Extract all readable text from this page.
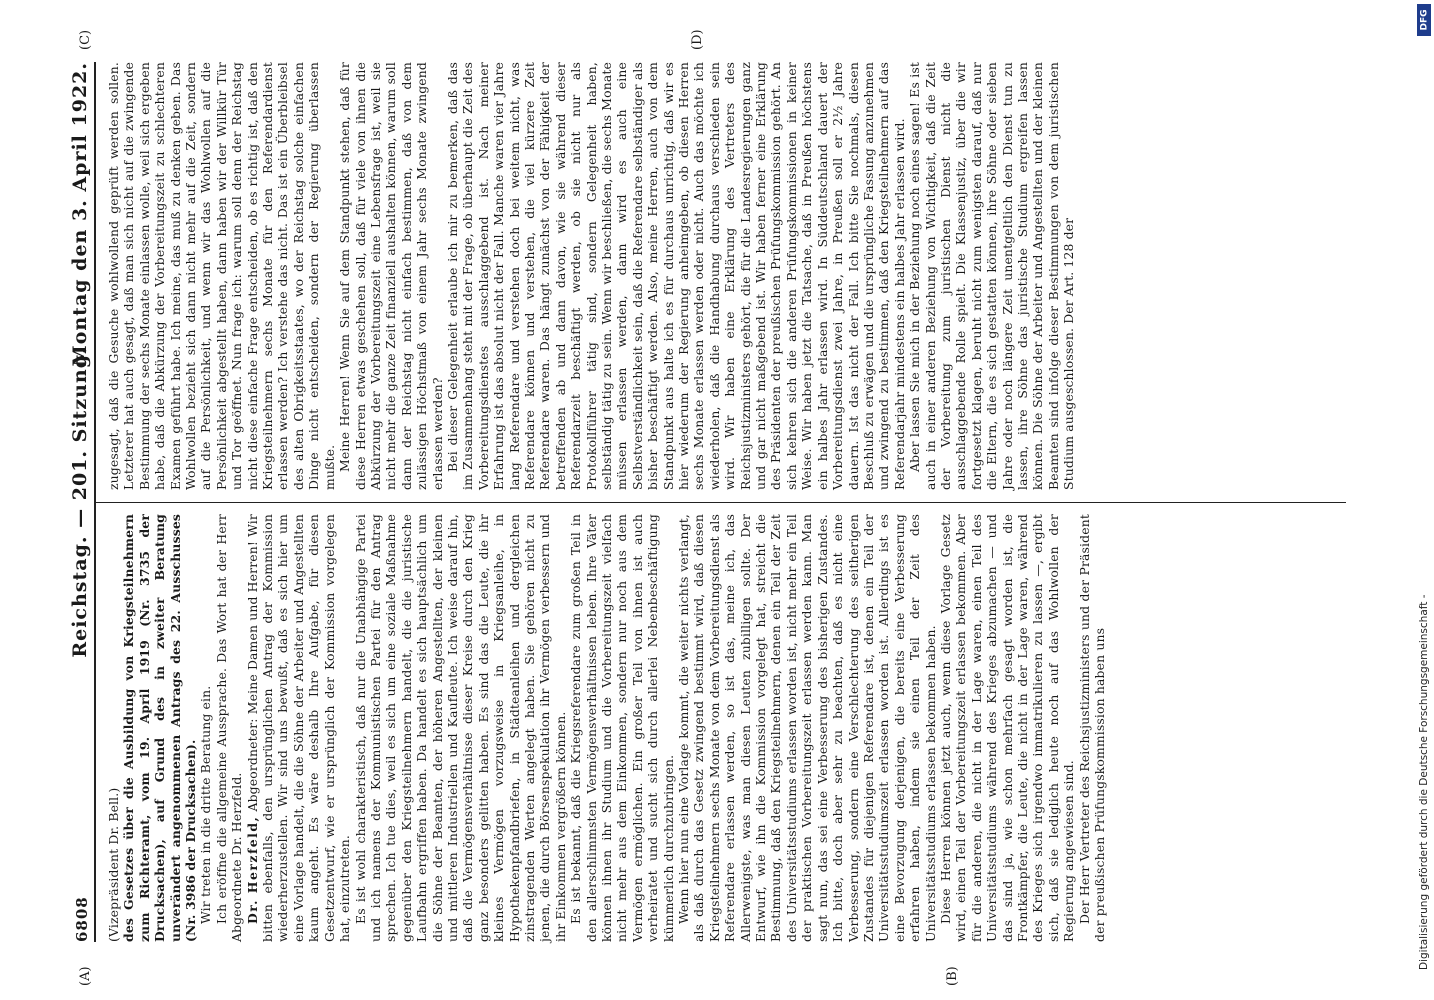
6808
Reichstag. — 201. Sitzung.
Montag den 3. April 1922.

(Vizepräsident Dr. Bell.) des Gesetzes über die Ausbildung von Kriegsteilnehmern zum Richteramt, vom 19. April 1919 (Nr. 3735 der Drucksachen), auf Grund des in zweiter Beratung unverändert angenommenen Antrags des 22. Ausschusses (Nr. 3986 der Drucksachen). Wir treten in die dritte Beratung ein. Ich eröffne die allgemeine Aussprache. Das Wort hat der Herr Abgeordnete Dr. Herzfeld. Dr. Herzfeld, Abgeordneter: Meine Damen und Herren! Wir bitten ebenfalls, den ursprünglichen Antrag der Kommission wiederherzustellen. Wir sind uns bewußt, daß es sich hier um eine Vorlage handelt, die die Söhne der Arbeiter und Angestellten kaum angeht. Es wäre deshalb Ihre Aufgabe, für diesen Gesetzentwurf, wie er ursprünglich der Kommission vorgelegen hat, einzutreten. Es ist wohl charakteristisch, daß nur die Unabhängige Partei und ich namens der Kommunistischen Partei für den Antrag sprechen. Ich tue dies, weil es sich um eine soziale Maßnahme gegenüber den Kriegsteilnehmern handelt, die die juristische Laufbahn ergriffen haben. Da handelt es sich hauptsächlich um die Söhne der Beamten, der höheren Angestellten, der kleinen und mittleren Industriellen und Kaufleute. Ich weise darauf hin, daß die Vermögensverhältnisse dieser Kreise durch den Krieg ganz besonders gelitten haben. Es sind das die Leute, die ihr kleines Vermögen vorzugsweise in Kriegsanleihe, in Hypothekenpfandbriefen, in Städteanleihen und dergleichen zinstragenden Werten angelegt haben. Sie gehören nicht zu jenen, die durch Börsenspekulation ihr Vermögen verbessern und ihr Einkommen vergrößern können. Es ist bekannt, daß die Kriegsreferendare zum großen Teil in den allerschlimmsten Vermögensverhältnissen leben. Ihre Väter können ihnen ihr Studium und die Vorbereitungszeit vielfach nicht mehr aus dem Einkommen, sondern nur noch aus dem Vermögen ermöglichen. Ein großer Teil von ihnen ist auch verheiratet und sucht sich durch allerlei Nebenbeschäftigung kümmerlich durchzubringen. Wenn hier nun eine Vorlage kommt, die weiter nichts verlangt, als daß durch das Gesetz zwingend bestimmt wird, daß diesen Kriegsteilnehmern sechs Monate von dem Vorbereitungsdienst als Referendare erlassen werden, so ist das, meine ich, das Allerwenigste, was man diesen Leuten zubilligen sollte. Der Entwurf, wie ihn die Kommission vorgelegt hat, streicht die Bestimmung, daß den Kriegsteilnehmern, denen ein Teil der Zeit des Universitätsstudiums erlassen worden ist, nicht mehr ein Teil der praktischen Vorbereitungszeit erlassen werden kann. Man sagt nun, das sei eine Verbesserung des bisherigen Zustandes. Ich bitte, doch aber sehr zu beachten, daß es nicht eine Verbesserung, sondern eine Verschlechterung des seitherigen Zustandes für diejenigen Referendare ist, denen ein Teil der Universitätsstudiumszeit erlassen worden ist. Allerdings ist es eine Bevorzugung derjenigen, die bereits eine Verbesserung erfahren haben, indem sie einen Teil der Zeit des Universitätsstudiums erlassen bekommen haben. Diese Herren können jetzt auch, wenn diese Vorlage Gesetz wird, einen Teil der Vorbereitungszeit erlassen bekommen. Aber für die anderen, die nicht in der Lage waren, einen Teil des Universitätsstudiums während des Krieges abzumachen — und das sind ja, wie schon mehrfach gesagt worden ist, die Frontkämpfer, die Leute, die nicht in der Lage waren, während des Krieges sich irgendwo immatrikulieren zu lassen —, ergibt sich, daß sie lediglich heute noch auf das Wohlwollen der Regierung angewiesen sind. Der Herr Vertreter des Reichsjustizministers und der Präsident der preußischen Prüfungskommission haben uns

zugesagt, daß die Gesuche wohlwollend geprüft werden sollen. Letzterer hat auch gesagt, daß man sich nicht auf die zwingende Bestimmung der sechs Monate einlassen wolle, weil sich ergeben habe, daß die Abkürzung der Vorbereitungszeit zu schlechteren Examen geführt habe. Ich meine, das muß zu denken geben. Das Wohlwollen bezieht sich dann nicht mehr auf die Zeit, sondern auf die Persönlichkeit, und wenn wir das Wohlwollen auf die Persönlichkeit abgestellt haben, dann haben wir der Willkür Tür und Tor geöffnet. Nun frage ich: warum soll denn der Reichstag nicht diese einfache Frage entscheiden, ob es richtig ist, daß den Kriegsteilnehmern sechs Monate für den Referendardienst erlassen werden? Ich verstehe das nicht. Das ist ein Überbleibsel des alten Obrigkeitsstaates, wo der Reichstag solche einfachen Dinge nicht entscheiden, sondern der Regierung überlassen mußte. Meine Herren! Wenn Sie auf dem Standpunkt stehen, daß für diese Herren etwas geschehen soll, daß für viele von ihnen die Abkürzung der Vorbereitungszeit eine Lebensfrage ist, weil sie nicht mehr die ganze Zeit finanziell aushalten können, warum soll dann der Reichstag nicht einfach bestimmen, daß von dem zulässigen Höchstmaß von einem Jahr sechs Monate zwingend erlassen werden? Bei dieser Gelegenheit erlaube ich mir zu bemerken, daß das im Zusammenhang steht mit der Frage, ob überhaupt die Zeit des Vorbereitungsdienstes ausschlaggebend ist. Nach meiner Erfahrung ist das absolut nicht der Fall. Manche waren vier Jahre lang Referendare und verstehen doch bei weitem nicht, was Referendare können und verstehen, die viel kürzere Zeit Referendare waren. Das hängt zunächst von der Fähigkeit der betreffenden ab und dann davon, wie sie während dieser Referendarzeit beschäftigt werden, ob sie nicht nur als Protokollführer tätig sind, sondern Gelegenheit haben, selbständig tätig zu sein. Wenn wir beschließen, die sechs Monate müssen erlassen werden, dann wird es auch eine Selbstverständlichkeit sein, daß die Referendare selbständiger als bisher beschäftigt werden. Also, meine Herren, auch von dem Standpunkt aus halte ich es für durchaus unrichtig, daß wir es hier wiederum der Regierung anheimgeben, ob diesen Herren sechs Monate erlassen werden oder nicht. Auch das möchte ich wiederholen, daß die Handhabung durchaus verschieden sein wird. Wir haben eine Erklärung des Vertreters des Reichsjustizministers gehört, die für die Landesregierungen ganz und gar nicht maßgebend ist. Wir haben ferner eine Erklärung des Präsidenten der preußischen Prüfungskommission gehört. An sich kehren sich die anderen Prüfungskommissionen in keiner Weise. Wir haben jetzt die Tatsache, daß in Preußen höchstens ein halbes Jahr erlassen wird. In Süddeutschland dauert der Vorbereitungsdienst zwei Jahre, in Preußen soll er 2½ Jahre dauern. Ist das nicht der Fall. Ich bitte Sie nochmals, diesen Beschluß zu erwägen und die ursprüngliche Fassung anzunehmen und zwingend zu bestimmen, daß den Kriegsteilnehmern auf das Referendarjahr mindestens ein halbes Jahr erlassen wird. Aber lassen Sie mich in der Beziehung noch eines sagen! Es ist auch in einer anderen Beziehung von Wichtigkeit, daß die Zeit der Vorbereitung zum juristischen Dienst nicht die ausschlaggebende Rolle spielt. Die Klassenjustiz, über die wir fortgesetzt klagen, beruht nicht zum wenigsten darauf, daß nur die Eltern, die es sich gestatten können, ihre Söhne oder sieben Jahre oder noch längere Zeit unentgeltlich den Dienst tun zu lassen, ihre Söhne das juristische Studium ergreifen lassen können. Die Söhne der Arbeiter und Angestellten und der kleinen Beamten sind infolge dieser Bestimmungen von dem juristischen Studium ausgeschlossen. Der Art. 128 der

(A)	(B)
(C)	(D)
Digitalisierung gefördert durch die Deutsche Forschungsgemeinschaft -
DFG
